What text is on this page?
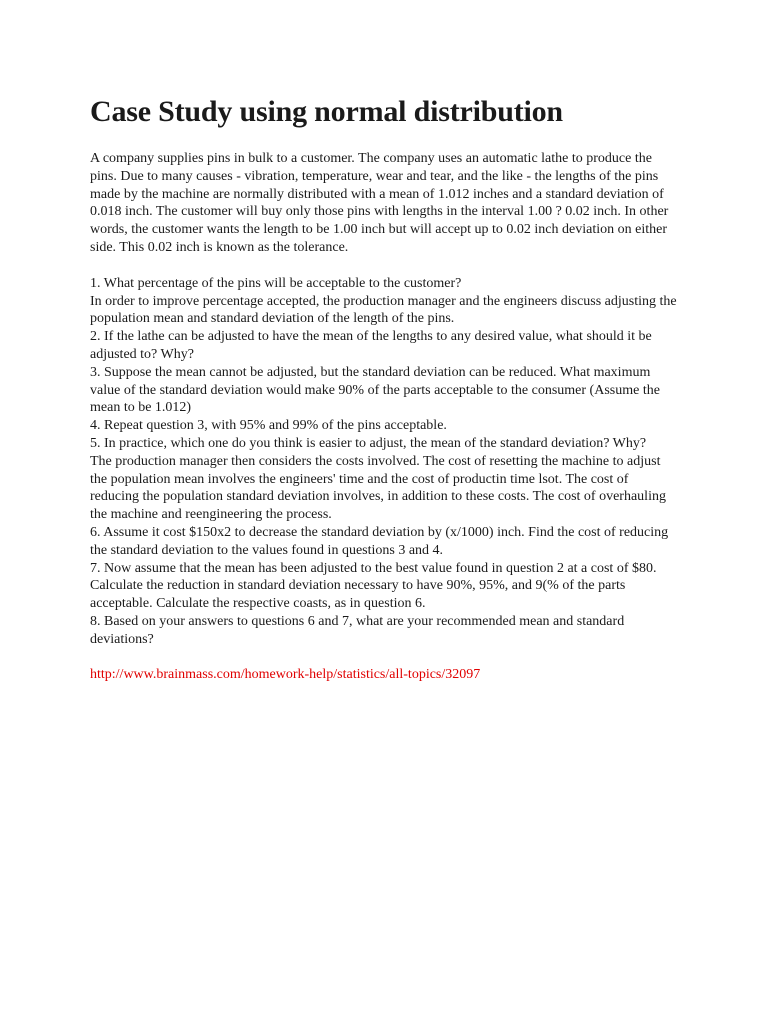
Case Study using normal distribution

A company supplies pins in bulk to a customer. The company uses an automatic lathe to produce the pins. Due to many causes - vibration, temperature, wear and tear, and the like - the lengths of the pins made by the machine are normally distributed with a mean of 1.012 inches and a standard deviation of 0.018 inch. The customer will buy only those pins with lengths in the interval 1.00 ? 0.02 inch. In other words, the customer wants the length to be 1.00 inch but will accept up to 0.02 inch deviation on either side. This 0.02 inch is known as the tolerance.

1. What percentage of the pins will be acceptable to the customer?

In order to improve percentage accepted, the production manager and the engineers discuss adjusting the population mean and standard deviation of the length of the pins.

2. If the lathe can be adjusted to have the mean of the lengths to any desired value, what should it be adjusted to? Why?

3. Suppose the mean cannot be adjusted, but the standard deviation can be reduced. What maximum value of the standard deviation would make 90% of the parts acceptable to the consumer (Assume the mean to be 1.012)

4. Repeat question 3, with 95% and 99% of the pins acceptable.

5. In practice, which one do you think is easier to adjust, the mean of the standard deviation? Why?

The production manager then considers the costs involved. The cost of resetting the machine to adjust the population mean involves the engineers' time and the cost of productin time lsot. The cost of reducing the population standard deviation involves, in addition to these costs. The cost of overhauling the machine and reengineering the process.

6. Assume it cost $150x2 to decrease the standard deviation by (x/1000) inch. Find the cost of reducing the standard deviation to the values found in questions 3 and 4.

7. Now assume that the mean has been adjusted to the best value found in question 2 at a cost of $80. Calculate the reduction in standard deviation necessary to have 90%, 95%, and 9(% of the parts acceptable. Calculate the respective coasts, as in question 6.

8. Based on your answers to questions 6 and 7, what are your recommended mean and standard deviations?

http://www.brainmass.com/homework-help/statistics/all-topics/32097
